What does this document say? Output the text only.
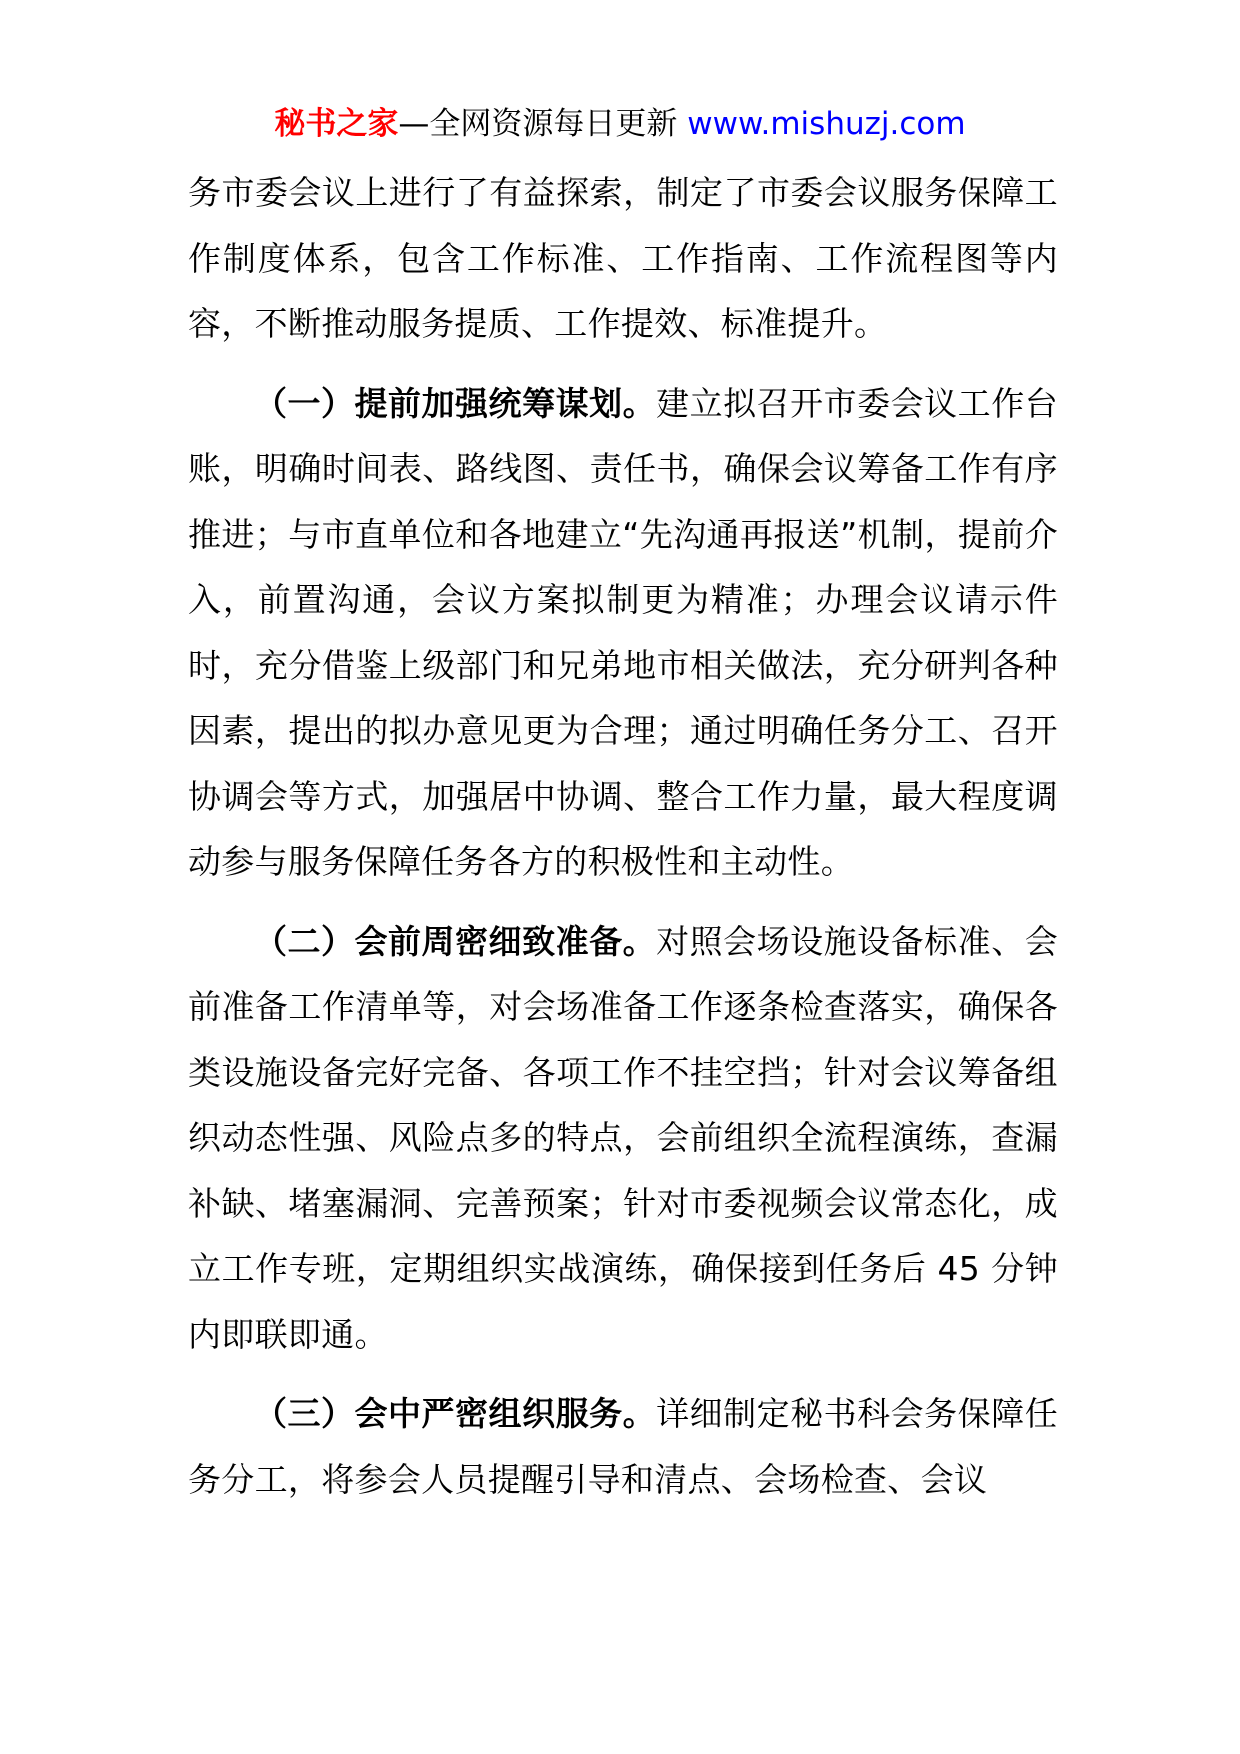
秘书之家—全网资源每日更新 www.mishuzj.com

务市委会议上进行了有益探索，制定了市委会议服务保障工作制度体系，包含工作标准、工作指南、工作流程图等内容，不断推动服务提质、工作提效、标准提升。

（一）提前加强统筹谋划。建立拟召开市委会议工作台账，明确时间表、路线图、责任书，确保会议筹备工作有序推进；与市直单位和各地建立“先沟通再报送”机制，提前介入，前置沟通，会议方案拟制更为精准；办理会议请示件时，充分借鉴上级部门和兄弟地市相关做法，充分研判各种因素，提出的拟办意见更为合理；通过明确任务分工、召开协调会等方式，加强居中协调、整合工作力量，最大程度调动参与服务保障任务各方的积极性和主动性。

（二）会前周密细致准备。对照会场设施设备标准、会前准备工作清单等，对会场准备工作逐条检查落实，确保各类设施设备完好完备、各项工作不挂空挡；针对会议筹备组织动态性强、风险点多的特点，会前组织全流程演练，查漏补缺、堵塞漏洞、完善预案；针对市委视频会议常态化，成立工作专班，定期组织实战演练，确保接到任务后 45 分钟内即联即通。

（三）会中严密组织服务。详细制定秘书科会务保障任务分工，将参会人员提醒引导和清点、会场检查、会议
